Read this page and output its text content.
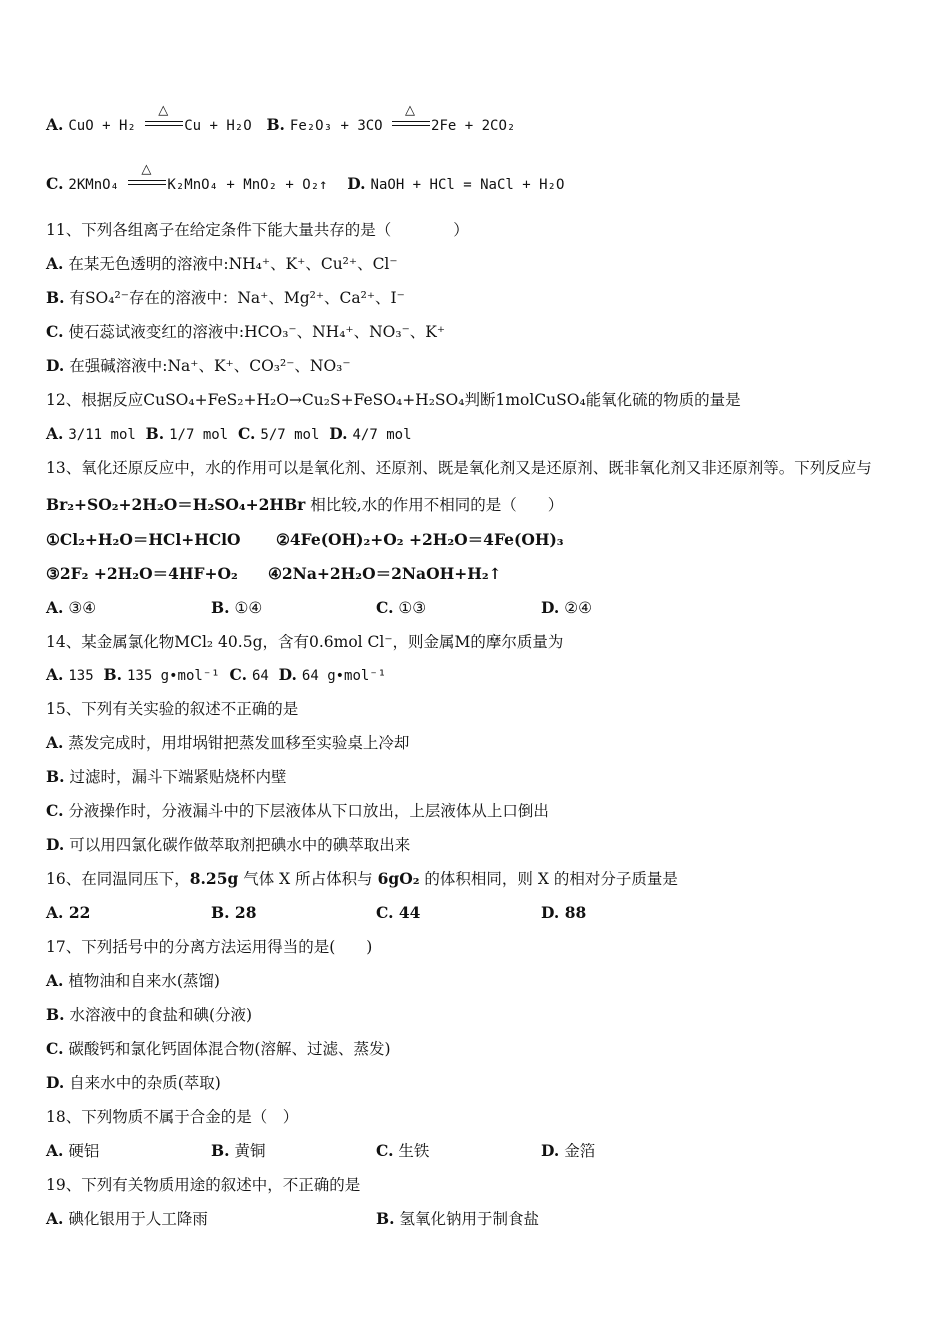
A. CuO + H₂
△
Cu + H₂O B. Fe₂O₃ + 3CO
△
2Fe + 2CO₂
C. 2KMnO₄
△
K₂MnO₄ + MnO₂ + O₂↑ D. NaOH + HCl = NaCl + H₂O
11、下列各组离子在给定条件下能大量共存的是（　　　　）
A. 在某无色透明的溶液中:NH₄⁺、K⁺、Cu²⁺、Cl⁻
B. 有SO₄²⁻存在的溶液中：Na⁺、Mg²⁺、Ca²⁺、I⁻
C. 使石蕊试液变红的溶液中:HCO₃⁻、NH₄⁺、NO₃⁻、K⁺
D. 在强碱溶液中:Na⁺、K⁺、CO₃²⁻、NO₃⁻
12、根据反应CuSO₄+FeS₂+H₂O→Cu₂S+FeSO₄+H₂SO₄判断1molCuSO₄能氧化硫的物质的量是
A. 3/11 mol B. 1/7 mol C. 5/7 mol D. 4/7 mol
13、氧化还原反应中，水的作用可以是氧化剂、还原剂、既是氧化剂又是还原剂、既非氧化剂又非还原剂等。下列反应与
Br₂+SO₂+2H₂O＝H₂SO₄+2HBr 相比较,水的作用不相同的是（　　）
①Cl₂+H₂O＝HCl+HClO ②4Fe(OH)₂+O₂ +2H₂O＝4Fe(OH)₃
③2F₂ +2H₂O＝4HF+O₂ ④2Na+2H₂O＝2NaOH+H₂↑
A. ③④	B. ①④	C. ①③	D. ②④
14、某金属氯化物MCl₂ 40.5g，含有0.6mol Cl⁻，则金属M的摩尔质量为
A. 135 B. 135 g•mol⁻¹ C. 64 D. 64 g•mol⁻¹
15、下列有关实验的叙述不正确的是
A. 蒸发完成时，用坩埚钳把蒸发皿移至实验桌上冷却
B. 过滤时，漏斗下端紧贴烧杯内壁
C. 分液操作时，分液漏斗中的下层液体从下口放出，上层液体从上口倒出
D. 可以用四氯化碳作做萃取剂把碘水中的碘萃取出来
16、在同温同压下，8.25g 气体 X 所占体积与 6gO₂ 的体积相同，则 X 的相对分子质量是
A. 22	B. 28	C. 44	D. 88
17、下列括号中的分离方法运用得当的是(　　)
A. 植物油和自来水(蒸馏)
B. 水溶液中的食盐和碘(分液)
C. 碳酸钙和氯化钙固体混合物(溶解、过滤、蒸发)
D. 自来水中的杂质(萃取)
18、下列物质不属于合金的是（　）
A. 硬铝	B. 黄铜	C. 生铁	D. 金箔
19、下列有关物质用途的叙述中，不正确的是
A. 碘化银用于人工降雨	B. 氢氧化钠用于制食盐
